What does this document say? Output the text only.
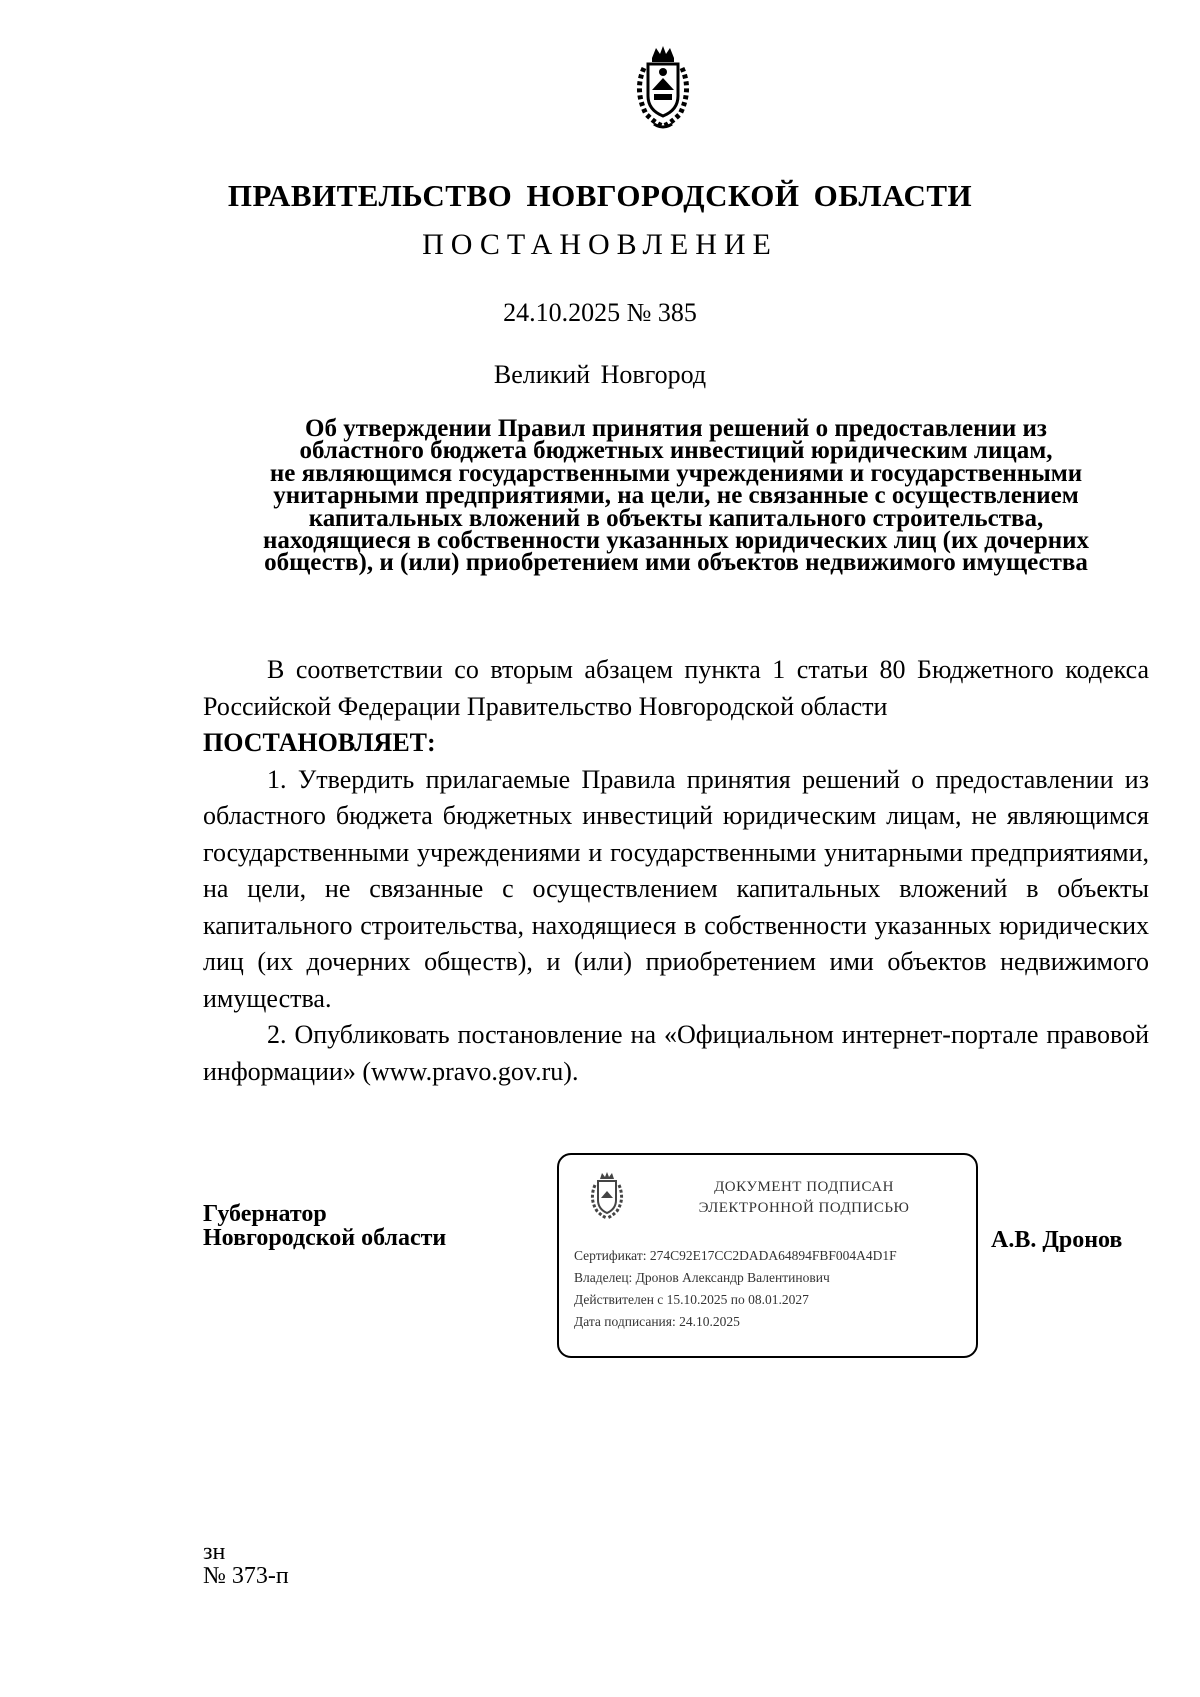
ПРАВИТЕЛЬСТВО НОВГОРОДСКОЙ ОБЛАСТИ
ПОСТАНОВЛЕНИЕ
24.10.2025 № 385
Великий Новгород
Об утверждении Правил принятия решений о предоставлении из
областного бюджета бюджетных инвестиций юридическим лицам,
не являющимся государственными учреждениями и государственными
унитарными предприятиями, на цели, не связанные с осуществлением
капитальных вложений в объекты капитального строительства,
находящиеся в собственности указанных юридических лиц (их дочерних
обществ), и (или) приобретением ими объектов недвижимого имущества

В соответствии со вторым абзацем пункта 1 статьи 80 Бюджетного кодекса Российской Федерации Правительство Новгородской области
ПОСТАНОВЛЯЕТ:

1. Утвердить прилагаемые Правила принятия решений о предоставлении из областного бюджета бюджетных инвестиций юридическим лицам, не являющимся государственными учреждениями и государственными унитарными предприятиями, на цели, не связанные с осуществлением капитальных вложений в объекты капитального строительства, находящиеся в собственности указанных юридических лиц (их дочерних обществ), и (или) приобретением ими объектов недвижимого имущества.

2. Опубликовать постановление на «Официальном интернет-портале правовой информации» (www.pravo.gov.ru).

Губернатор
Новгородской области
ДОКУМЕНТ ПОДПИСАН
ЭЛЕКТРОННОЙ ПОДПИСЬЮ
Сертификат: 274C92E17CC2DADA64894FBF004A4D1F
Владелец: Дронов Александр Валентинович
Действителен с 15.10.2025 по 08.01.2027
Дата подписания: 24.10.2025
А.В. Дронов
зн
№ 373-п
